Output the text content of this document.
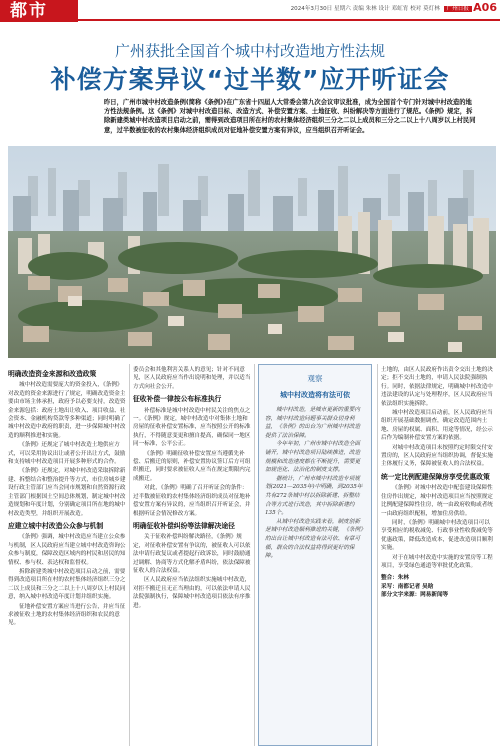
都市	2024年3月30日 星期六 责编 朱林 设计 邓虹宵 校对 莫灯林 广州日报 A06
广州获批全国首个城中村改造地方性法规
补偿方案异议“过半数”应开听证会
昨日，广州市城中村改造条例(简称《条例》)在广东省十四届人大常委会第九次会议审议批准，成为全国首个专门针对城中村改造的地方性法规条例。这《条例》对城中村改造目标、改造方式、补偿安置方案、土地征收、纠纷解决等方面进行了规范。《条例》规定，拆除新建类城中村改造项目启动之前，需得到改造项目所在村的农村集体经济组织三分之二以上成员和三分之二以上十八周岁以上村民同意，过半数被征收的农村集体经济组织成员对征地补偿安置方案有异议，应当组织召开听证会。
明确改造资金来源和改造政策

城中村改造需要庞大的资金投入，《条例》对改造的资金来源进行了规定，明确改造资金主要由市场主体承担，政府予以必要支持，改造资金来源包括：政府土地出让收入、项目收益、社会资本、金融机构贷款等多种渠道；同时明确了城中村改造中政府的职责，进一步保障城中村改造的顺利推进和实施。

《条例》还规定了城中村改造土地供应方式，可以采用协议出让或者公开出让方式，鼓励和支持城中村改造项目开展多种形式的合作。

《条例》还规定，对城中村改造采取拆除新建、拆整结合和整治提升等方式，市住房城乡建设行政主管部门应当会同市规划和自然资源行政主管部门根据国土空间总体规划，制定城中村改造规划和年度计划，分别确定项目所在地的城中村改造类型，并组织开展改造。

应建立城中村改造公众参与机制

《条例》强调，城中村改造应当建立公众参与机制，区人民政府应当建立城中村改造咨询公众参与制度，保障改造区域内的村民和居民的知情权、参与权、表达权和监督权。

拆除新建类城中村改造项目启动之前，需要得到改造项目所在村的农村集体经济组织三分之二以上成员和三分之二以上十八周岁以上村民同意，纳入城中村改造年度计划并组织实施。

征地补偿安置方案应当进行公告，并应当征求被征收土地的农村集体经济组织和农民的意见。

委员会和其他利害关系人的意见；针对不同意见，区人民政府应当作出说明和处理，并以适当方式向社会公开。

征收补偿一律按公布标准执行

补偿标准是城中村改造中村民关注的焦点之一。《条例》规定，城中村改造中对集体土地和房屋的征收补偿安置标准，应当按照公开的标准执行，不得随意变更和擅自提高，确保同一地区同一标准，公平公正。

《条例》明确征收补偿安置应当遵循先补偿、后搬迁的原则，补偿安置协议签订后方可组织搬迁，同时要求被征收人应当在规定期限内完成搬迁。

对此，《条例》明确了召开听证会的条件：过半数被征收的农村集体经济组织成员对征地补偿安置方案有异议的，应当组织召开听证会，并根据听证会情况修改方案。

明确征收补偿纠纷等法律解决途径

关于征收补偿纠纷解决路径，《条例》规定，对征收补偿安置有争议的，被征收人可以依法申请行政复议或者提起行政诉讼，同时鼓励通过调解、协商等方式化解矛盾纠纷，依法保障被征收人的合法权益。

区人民政府应当依法组织实施城中村改造，对拒不搬迁且无正当理由的，可以依法申请人民法院强制执行，保障城中村改造项目依法有序推进。

观察
城中村改造将有法可依

城中村改造，是城市更新的重要内容，城中村改造问题事关群众切身利益，《条例》的出台为广州城中村改造提供了法治保障。

今年年初，广州市城中村改造全面铺开，城中村改造项目陆续推进，改造规模和改造速度都在不断提升，需要更加规范化、法治化的制度支撑。

据统计，广州市城中村改造专项规划(2021—2035年)中明确，到2035年共有272条城中村以拆除新建、拆整结合等方式进行改造，其中拆除新建约135个。

从城中村改造实践来看，制度创新是城中村改造顺利推进的关键，《条例》的出台让城中村改造有法可依、有章可循，群众的合法权益将得到更好的保障。

土地的，由区人民政府作出责令交出土地的决定；拒不交出土地的，申请人民法院强制执行。同时，依据法律规定，明确城中村改造中违法建设的认定与处理程序，区人民政府应当依法组织实施拆除。

城中村改造项目启动前，区人民政府应当组织开展基础数据调查，确定改造范围内土地、房屋的权属、面积、用途等情况，经公示后作为编制补偿安置方案的依据。

对城中村改造项目未按照约定时限交付安置房的，区人民政府应当组织协调，督促实施主体履行义务，保障被征收人的合法权益。

统一定比例配建保障房享受优惠政策

《条例》对城中村改造中配套建设保障性住房作出规定，城中村改造项目应当按照规定比例配建保障性住房，统一由政府收购或者统一由政府组织配租，增加住房供给。

同时，《条例》明确城中村改造项目可以享受相应的税收减免、行政事业性收费减免等优惠政策，降低改造成本，促进改造项目顺利实施。

对于在城中村改造中实施的安置房等工程项目，享受绿色通道等审批优化政策。

整合：朱林
采写：南都记者 吴晗
部分文字来源：网易新闻等
